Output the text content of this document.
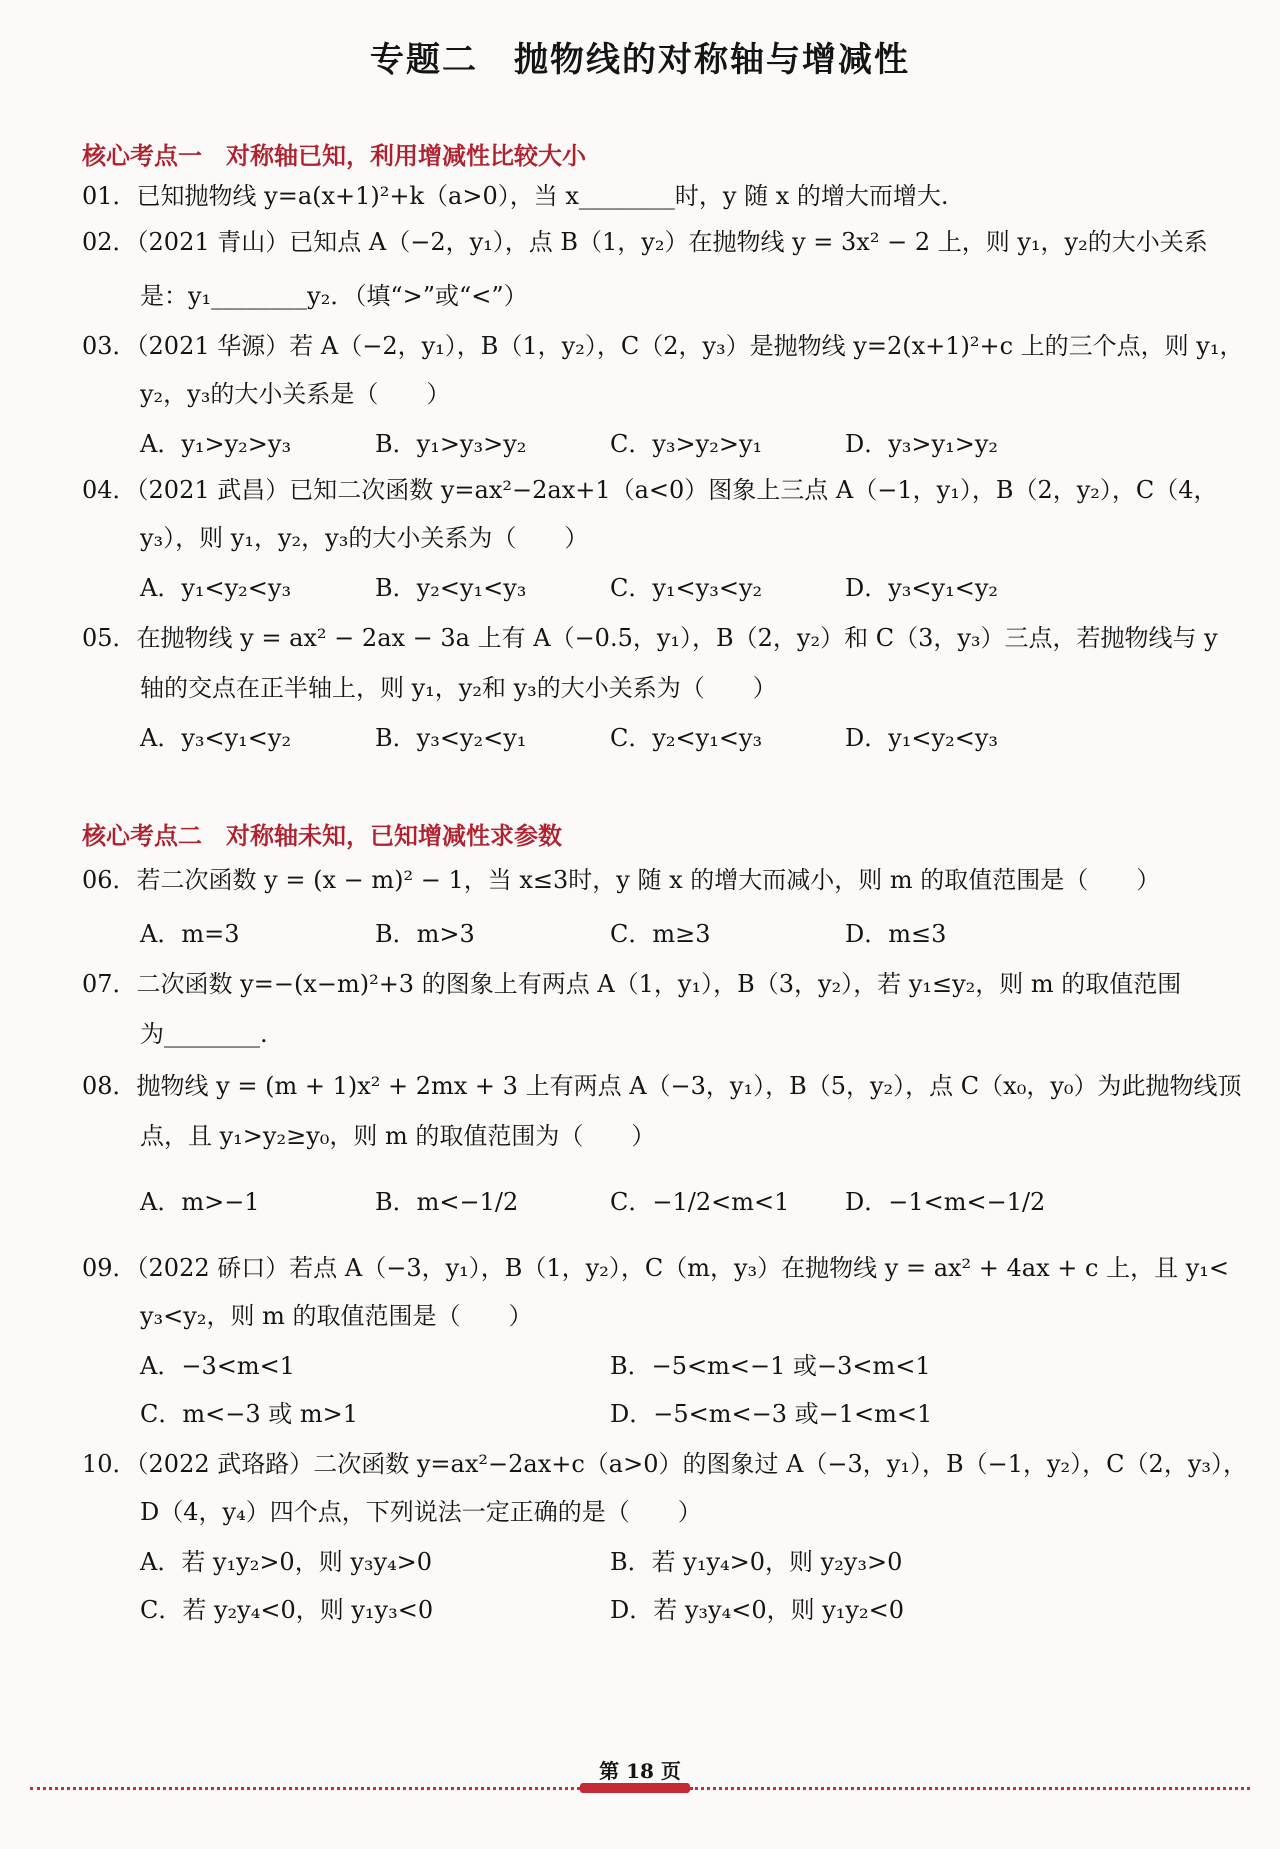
专题二　抛物线的对称轴与增减性
核心考点一　对称轴已知，利用增减性比较大小
01．已知抛物线 y=a(x+1)²+k（a>0），当 x________时，y 随 x 的增大而增大.
02．（2021 青山）已知点 A（−2，y₁），点 B（1，y₂）在抛物线 y = 3x² − 2 上，则 y₁，y₂的大小关系
是：y₁________y₂．（填“>”或“<”）
03．（2021 华源）若 A（−2，y₁），B（1，y₂），C（2，y₃）是抛物线 y=2(x+1)²+c 上的三个点，则 y₁，
y₂，y₃的大小关系是（　　）
A．y₁>y₂>y₃	B．y₁>y₃>y₂	C．y₃>y₂>y₁	D．y₃>y₁>y₂
04．（2021 武昌）已知二次函数 y=ax²−2ax+1（a<0）图象上三点 A（−1，y₁），B（2，y₂），C（4，
y₃），则 y₁，y₂，y₃的大小关系为（　　）
A．y₁<y₂<y₃	B．y₂<y₁<y₃	C．y₁<y₃<y₂	D．y₃<y₁<y₂
05．在抛物线 y = ax² − 2ax − 3a 上有 A（−0.5，y₁），B（2，y₂）和 C（3，y₃）三点，若抛物线与 y
轴的交点在正半轴上，则 y₁，y₂和 y₃的大小关系为（　　）
A．y₃<y₁<y₂	B．y₃<y₂<y₁	C．y₂<y₁<y₃	D．y₁<y₂<y₃
核心考点二　对称轴未知，已知增减性求参数
06．若二次函数 y = (x − m)² − 1，当 x≤3时，y 随 x 的增大而减小，则 m 的取值范围是（　　）
A．m=3	B．m>3	C．m≥3	D．m≤3
07．二次函数 y=−(x−m)²+3 的图象上有两点 A（1，y₁），B（3，y₂），若 y₁≤y₂，则 m 的取值范围
为________.
08．抛物线 y = (m + 1)x² + 2mx + 3 上有两点 A（−3，y₁），B（5，y₂），点 C（x₀，y₀）为此抛物线顶
点，且 y₁>y₂≥y₀，则 m 的取值范围为（　　）
A．m>−1	B．m<−1/2	C．−1/2<m<1 D．−1<m<−1/2
09．（2022 硚口）若点 A（−3，y₁），B（1，y₂），C（m，y₃）在抛物线 y = ax² + 4ax + c 上，且 y₁<
y₃<y₂，则 m 的取值范围是（　　）
A．−3<m<1	B．−5<m<−1 或−3<m<1
C．m<−3 或 m>1	D．−5<m<−3 或−1<m<1
10．（2022 武珞路）二次函数 y=ax²−2ax+c（a>0）的图象过 A（−3，y₁），B（−1，y₂），C（2，y₃），
D（4，y₄）四个点，下列说法一定正确的是（　　）
A．若 y₁y₂>0，则 y₃y₄>0	B．若 y₁y₄>0，则 y₂y₃>0
C．若 y₂y₄<0，则 y₁y₃<0	D．若 y₃y₄<0，则 y₁y₂<0
第 18 页
